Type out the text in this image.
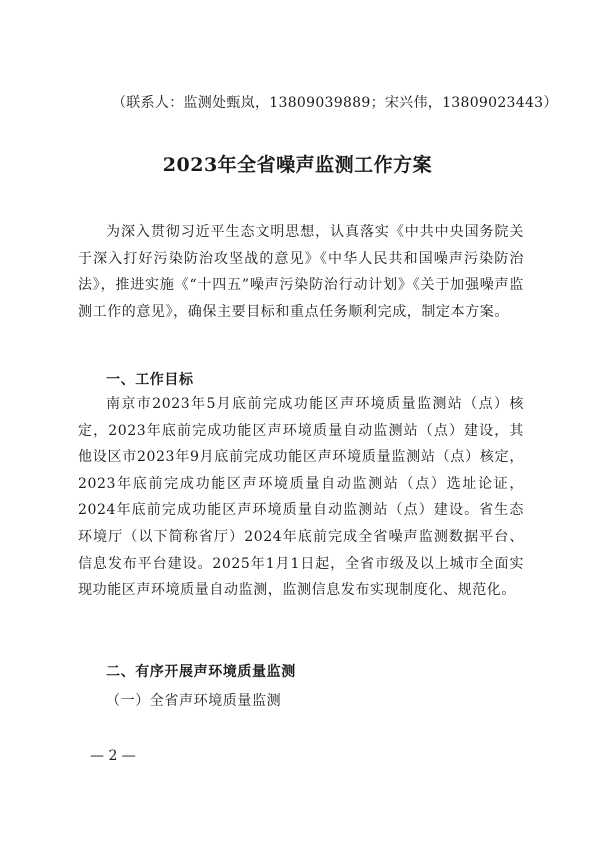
（联系人：监测处甄岚，13809039889；宋兴伟，13809023443）
2023年全省噪声监测工作方案

为深入贯彻习近平生态文明思想，认真落实《中共中央国务院关于深入打好污染防治攻坚战的意见》《中华人民共和国噪声污染防治法》，推进实施《“十四五”噪声污染防治行动计划》《关于加强噪声监测工作的意见》，确保主要目标和重点任务顺利完成，制定本方案。

一、工作目标

南京市2023年5月底前完成功能区声环境质量监测站（点）核定，2023年底前完成功能区声环境质量自动监测站（点）建设，其他设区市2023年9月底前完成功能区声环境质量监测站（点）核定，2023年底前完成功能区声环境质量自动监测站（点）选址论证，2024年底前完成功能区声环境质量自动监测站（点）建设。省生态环境厅（以下简称省厅）2024年底前完成全省噪声监测数据平台、信息发布平台建设。2025年1月1日起，全省市级及以上城市全面实现功能区声环境质量自动监测，监测信息发布实现制度化、规范化。

二、有序开展声环境质量监测
（一）全省声环境质量监测
— 2 —
